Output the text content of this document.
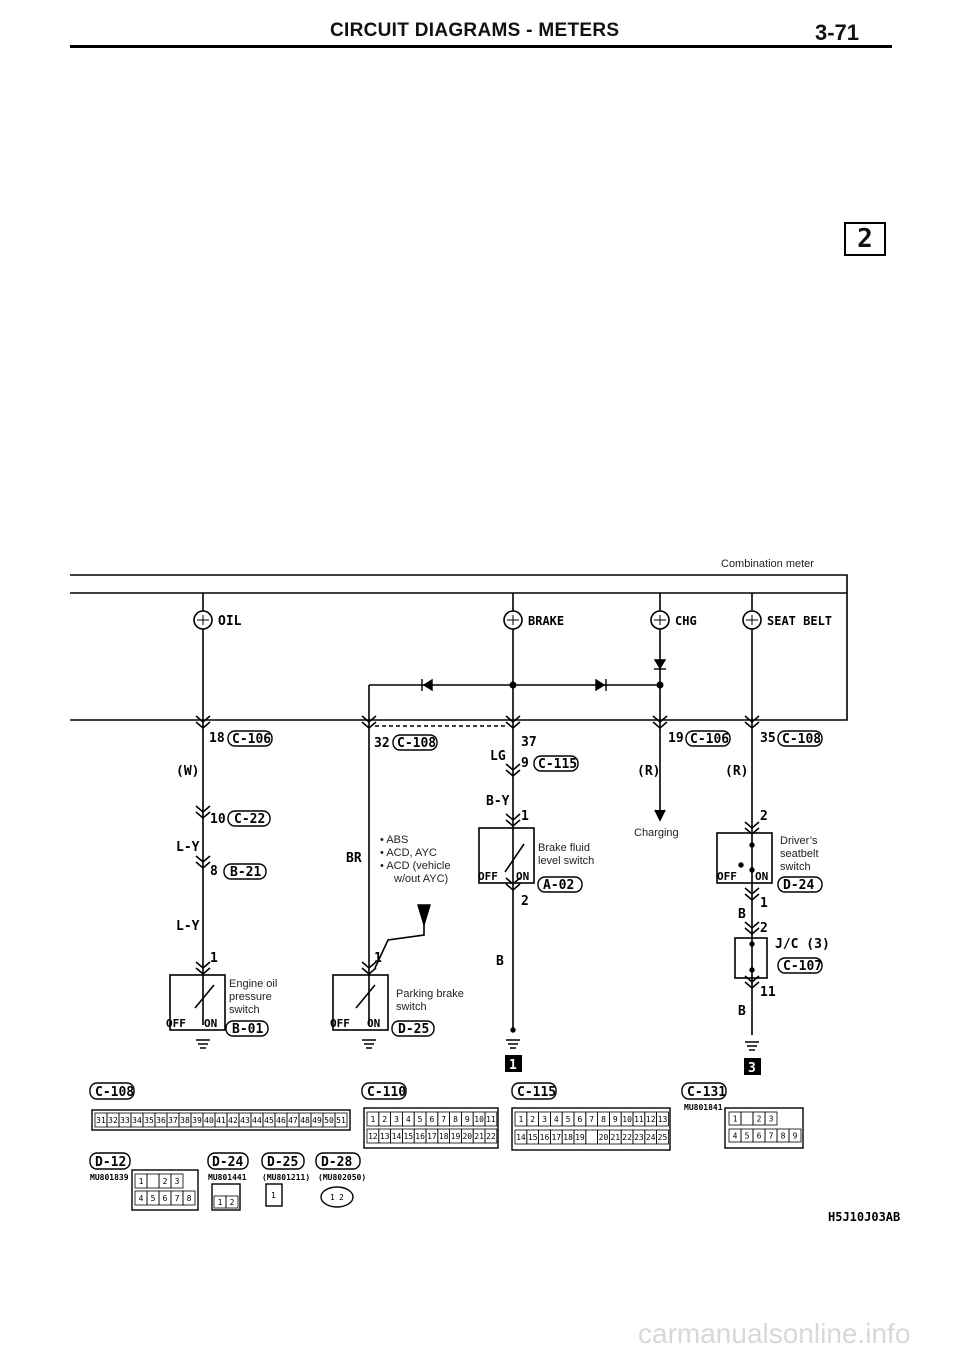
CIRCUIT DIAGRAMS - METERS	3-71
2
Combination meter
OIL	BRAKE	CHG	SEAT BELT
18 C-106	32 C-108	37
LG 9 C-115
19 C-106 35 C-108
(W)
10 C-22
L-Y
8 B-21
L-Y
1
Engine oil
pressure
switch
OFF ON B-01
BR
1
• ABS
• ACD, AYC
• ACD (vehicle
w/out AYC)
Parking brake
switch
OFF ON D-25
B-Y
1
Brake fluid
level switch
OFF ON
A-02
2
B
(R)
Charging
(R)
2
Driver’s
seatbelt
switch
OFF ON
D-24
1
B
2
J/C (3)
C-107
11
B
1	3
C-108
31 32 33 34 35 36 37 38 39 40 41 42 43 44 45 46 47 48 49 50 51
C-110
1 2 3 4 5 6 7 8 9 10 11
12 13 14 15 16 17 18 19 20 21 22
C-115
1 2 3 4 5 6 7 8 9 10 11 12 13
14 15 16 17 18 19 20 21 22 23 24 25
C-131
MU801841
1 2 3
4 5 6 7 8 9
D-12
MU801839 1 2 3
4 5 6 7 8
D-24
MU801441
1 2
D-25
(MU801211)
1
D-28
(MU802050)
1 2
H5J10J03AB
carmanualsonline.info
